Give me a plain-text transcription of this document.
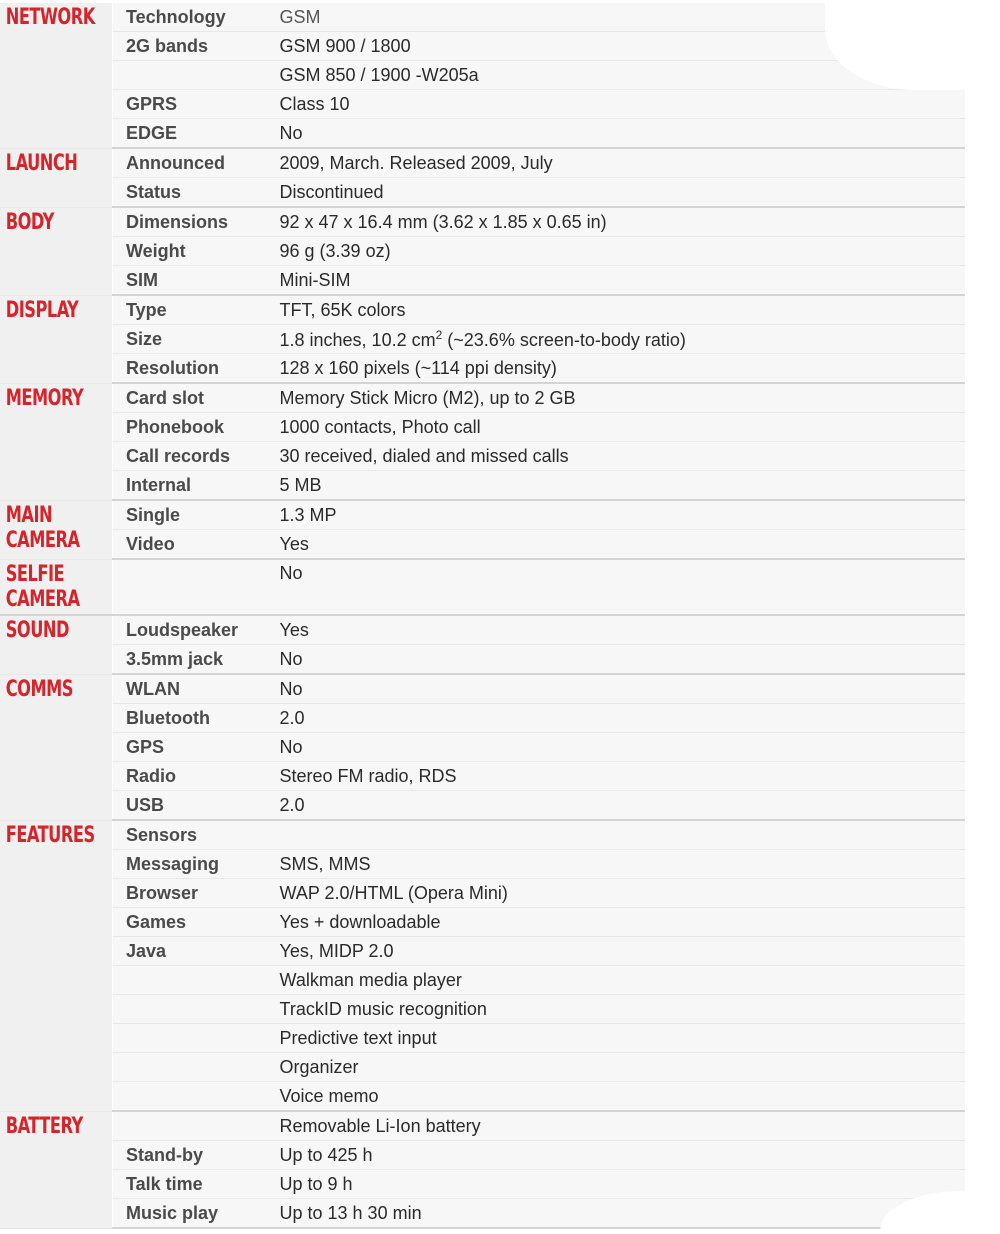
NETWORK	Technology	GSM
	2G bands	GSM 900 / 1800
		GSM 850 / 1900 -W205a
	GPRS	Class 10
	EDGE	No

LAUNCH	Announced	2009, March. Released 2009, July
	Status	Discontinued

BODY	Dimensions	92 x 47 x 16.4 mm (3.62 x 1.85 x 0.65 in)
	Weight	96 g (3.39 oz)
	SIM	Mini-SIM

DISPLAY	Type	TFT, 65K colors
	Size	1.8 inches, 10.2 $cm^2$ (~23.6% screen-to-body ratio)
	Resolution	128 x 160 pixels (~114 ppi density)

MEMORY	Card slot	Memory Stick Micro (M2), up to 2 GB
	Phonebook	1000 contacts, Photo call
	Call records	30 received, dialed and missed calls
	Internal	5 MB

MAIN
CAMERA	Single	1.3 MP
	Video	Yes

SELFIE
CAMERA		No

SOUND	Loudspeaker	Yes
	3.5mm jack	No

COMMS	WLAN	No
	Bluetooth	2.0
	GPS	No
	Radio	Stereo FM radio, RDS
	USB	2.0

FEATURES	Sensors	
	Messaging	SMS, MMS
	Browser	WAP 2.0/HTML (Opera Mini)
	Games	Yes + downloadable
	Java	Yes, MIDP 2.0
		Walkman media player
		TrackID music recognition
		Predictive text input
		Organizer
		Voice memo

BATTERY		Removable Li-Ion battery
	Stand-by	Up to 425 h
	Talk time	Up to 9 h
	Music play	Up to 13 h 30 min
